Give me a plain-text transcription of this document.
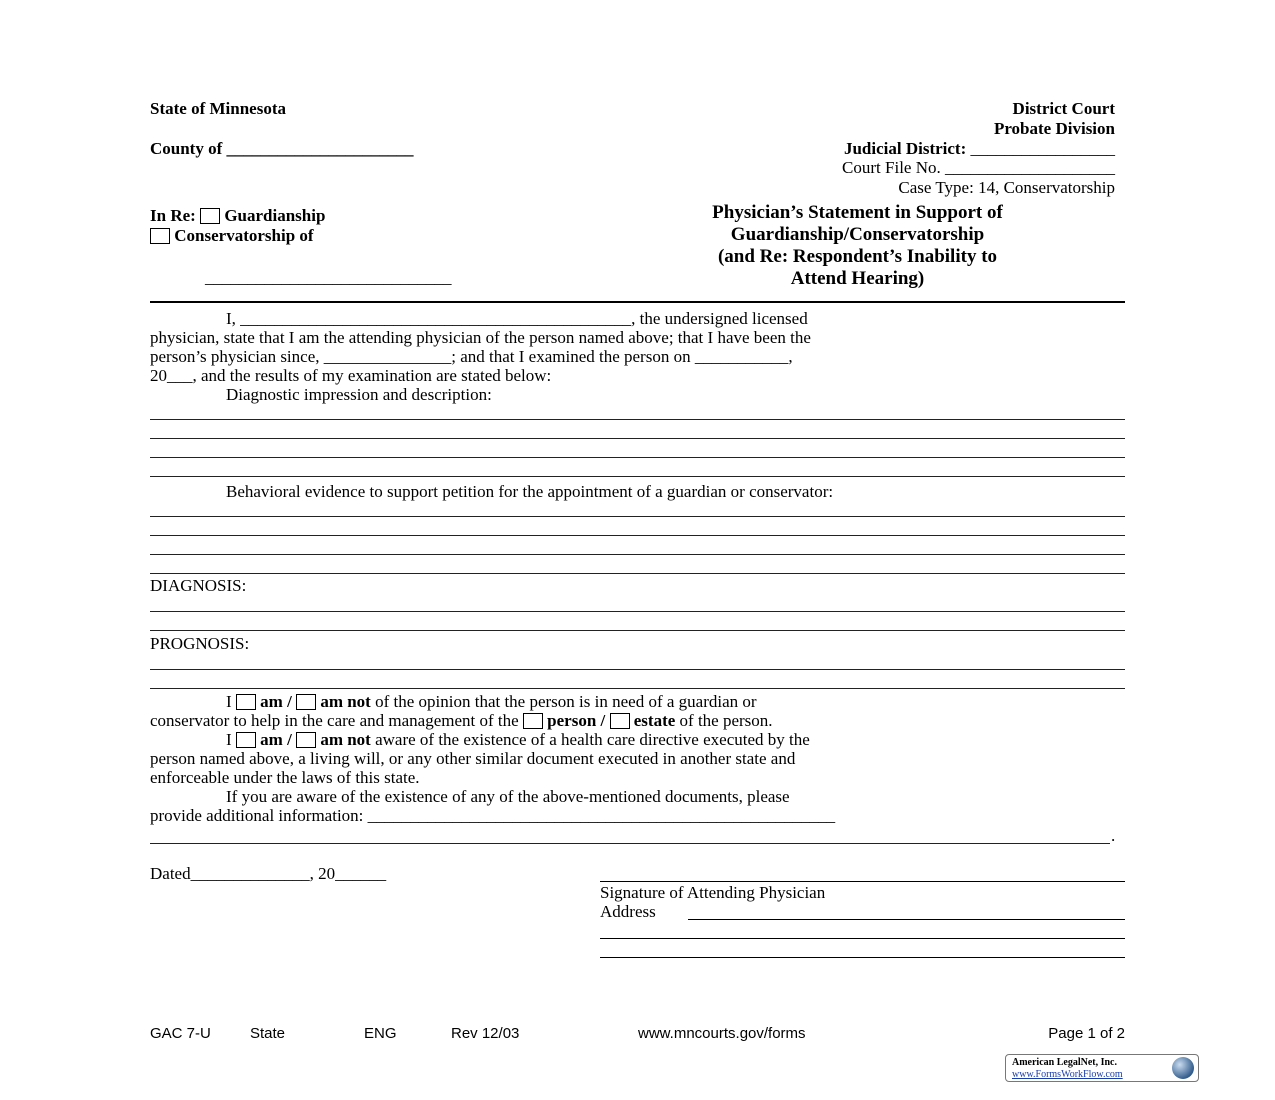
State of Minnesota
County of ______________________
District Court
Probate Division
Judicial District: _________________
Court File No. ____________________
Case Type: 14, Conservatorship
In Re: Guardianship
Conservatorship of
_____________________________
Physician’s Statement in Support of
Guardianship/Conservatorship
(and Re: Respondent’s Inability to
Attend Hearing)
I, ______________________________________________, the undersigned licensed
physician, state that I am the attending physician of the person named above; that I have been the
person’s physician since, _______________; and that I examined the person on ___________,
20___, and the results of my examination are stated below:
Diagnostic impression and description:
Behavioral evidence to support petition for the appointment of a guardian or conservator:
DIAGNOSIS:
PROGNOSIS:
I am / am not of the opinion that the person is in need of a guardian or
conservator to help in the care and management of the person / estate of the person.
I am / am not aware of the existence of a health care directive executed by the
person named above, a living will, or any other similar document executed in another state and
enforceable under the laws of this state.
If you are aware of the existence of any of the above-mentioned documents, please
provide additional information: _______________________________________________________
.
Dated______________, 20______
Signature of Attending Physician
Address
GAC 7-U	State	ENG	Rev 12/03	www.mncourts.gov/forms	Page 1 of 2
American LegalNet, Inc.
www.FormsWorkFlow.com
